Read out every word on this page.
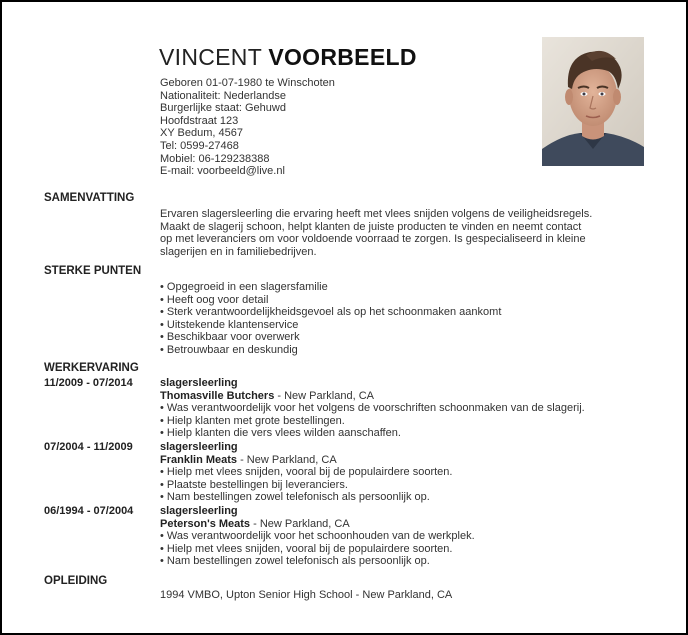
VINCENT VOORBEELD
Geboren 01-07-1980 te Winschoten
Nationaliteit: Nederlandse
Burgerlijke staat: Gehuwd
Hoofdstraat 123
XY Bedum, 4567
Tel: 0599-27468
Mobiel: 06-129238388
E-mail: voorbeeld@live.nl
SAMENVATTING
Ervaren slagersleerling die ervaring heeft met vlees snijden volgens de veiligheidsregels.
Maakt de slagerij schoon, helpt klanten de juiste producten te vinden en neemt contact
op met leveranciers om voor voldoende voorraad te zorgen. Is gespecialiseerd in kleine
slagerijen en in familiebedrijven.
STERKE PUNTEN
• Opgegroeid in een slagersfamilie
• Heeft oog voor detail
• Sterk verantwoordelijkheidsgevoel als op het schoonmaken aankomt
• Uitstekende klantenservice
• Beschikbaar voor overwerk
• Betrouwbaar en deskundig
WERKERVARING
11/2009 - 07/2014 slagersleerling
Thomasville Butchers - New Parkland, CA
• Was verantwoordelijk voor het volgens de voorschriften schoonmaken van de slagerij.
• Hielp klanten met grote bestellingen.
• Hielp klanten die vers vlees wilden aanschaffen.
07/2004 - 11/2009 slagersleerling
Franklin Meats - New Parkland, CA
• Hielp met vlees snijden, vooral bij de populairdere soorten.
• Plaatste bestellingen bij leveranciers.
• Nam bestellingen zowel telefonisch als persoonlijk op.
06/1994 - 07/2004 slagersleerling
Peterson's Meats - New Parkland, CA
• Was verantwoordelijk voor het schoonhouden van de werkplek.
• Hielp met vlees snijden, vooral bij de populairdere soorten.
• Nam bestellingen zowel telefonisch als persoonlijk op.
OPLEIDING
1994 VMBO, Upton Senior High School - New Parkland, CA
